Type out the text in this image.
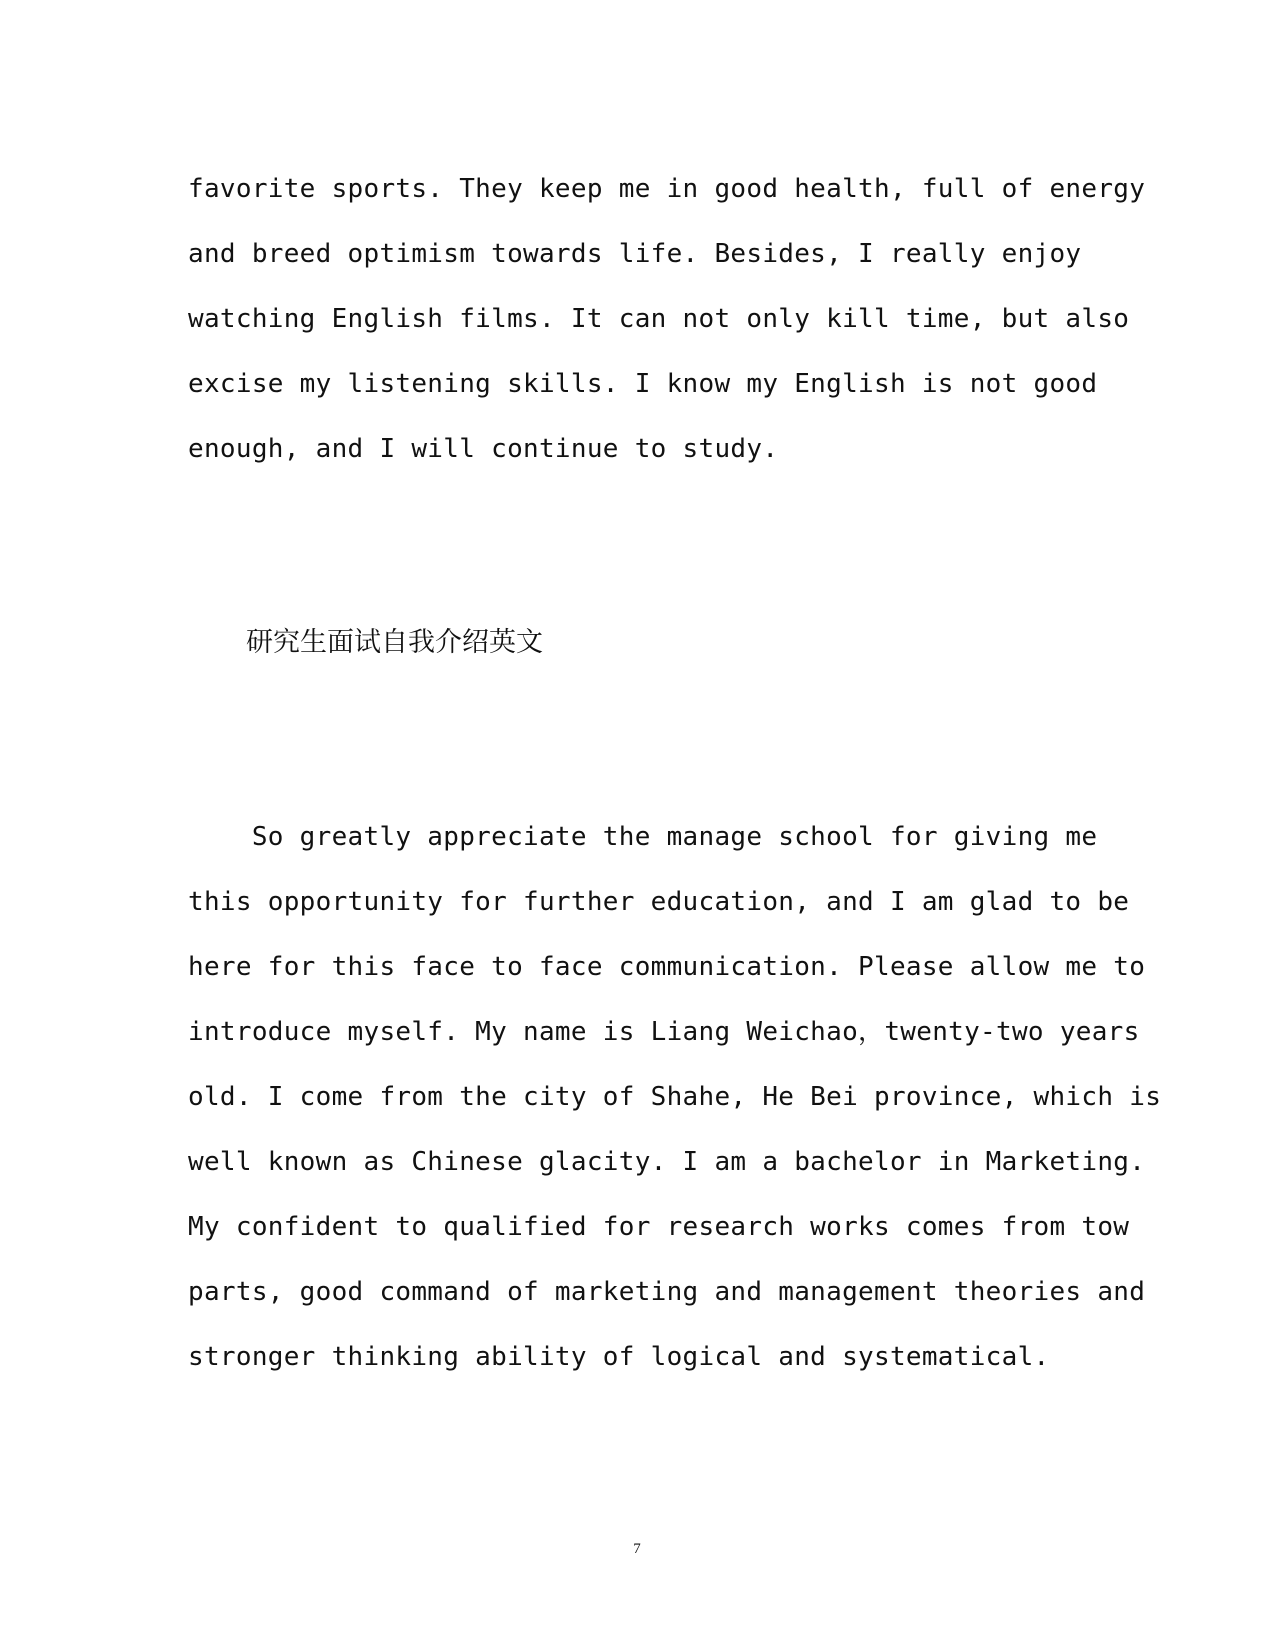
favorite sports. They keep me in good health, full of energy
and breed optimism towards life. Besides, I really enjoy
watching English films. It can not only kill time, but also
excise my listening skills. I know my English is not good
enough, and I will continue to study.
研究生面试自我介绍英文
So greatly appreciate the manage school for giving me
this opportunity for further education, and I am glad to be
here for this face to face communication. Please allow me to
introduce myself. My name is Liang Weichao，twenty-two years
old. I come from the city of Shahe, He Bei province, which is
well known as Chinese glacity. I am a bachelor in Marketing.
My confident to qualified for research works comes from tow
parts, good command of marketing and management theories and
stronger thinking ability of logical and systematical.
7
